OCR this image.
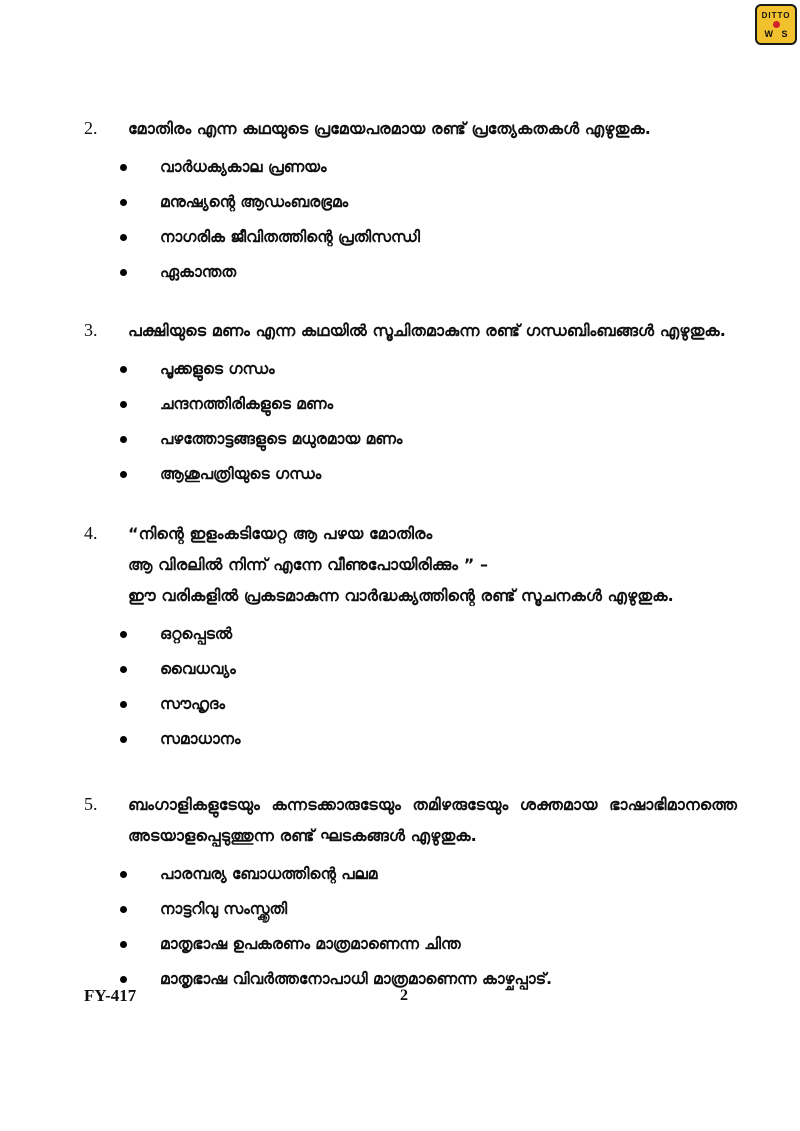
DITTO
W S
2.	മോതിരം എന്ന കഥയുടെ പ്രമേയപരമായ രണ്ട് പ്രത്യേകതകൾ എഴുതുക.
വാർധക്യകാല പ്രണയം
മനുഷ്യന്റെ ആഡംബരഭ്രമം
നാഗരിക ജീവിതത്തിന്റെ പ്രതിസന്ധി
ഏകാന്തത
3.	പക്ഷിയുടെ മണം എന്ന കഥയിൽ സൂചിതമാകുന്ന രണ്ട് ഗന്ധബിംബങ്ങൾ എഴുതുക.
പൂക്കളുടെ ഗന്ധം
ചന്ദനത്തിരികളുടെ മണം
പഴത്തോട്ടങ്ങളുടെ മധുരമായ മണം
ആശുപത്രിയുടെ ഗന്ധം
4.	“നിന്റെ ഇളംകടിയേറ്റ ആ പഴയ മോതിരം
ആ വിരലിൽ നിന്ന് എന്നേ വീണുപോയിരിക്കും ” –
ഈ വരികളിൽ പ്രകടമാകുന്ന വാർദ്ധക്യത്തിന്റെ രണ്ട് സൂചനകൾ എഴുതുക.
ഒറ്റപ്പെടൽ
വൈധവ്യം
സൗഹൃദം
സമാധാനം
5.	ബംഗാളികളുടേയും കന്നടക്കാരുടേയും തമിഴരുടേയും ശക്തമായ ഭാഷാഭിമാനത്തെ
അടയാളപ്പെടുത്തുന്ന രണ്ട് ഘടകങ്ങൾ എഴുതുക.
പാരമ്പര്യ ബോധത്തിന്റെ പലമ
നാട്ടറിവു സംസ്ക്കൃതി
മാതൃഭാഷ ഉപകരണം മാത്രമാണെന്ന ചിന്ത
മാതൃഭാഷ വിവർത്തനോപാധി മാത്രമാണെന്ന കാഴ്ചപ്പാട്.
FY-417	2
